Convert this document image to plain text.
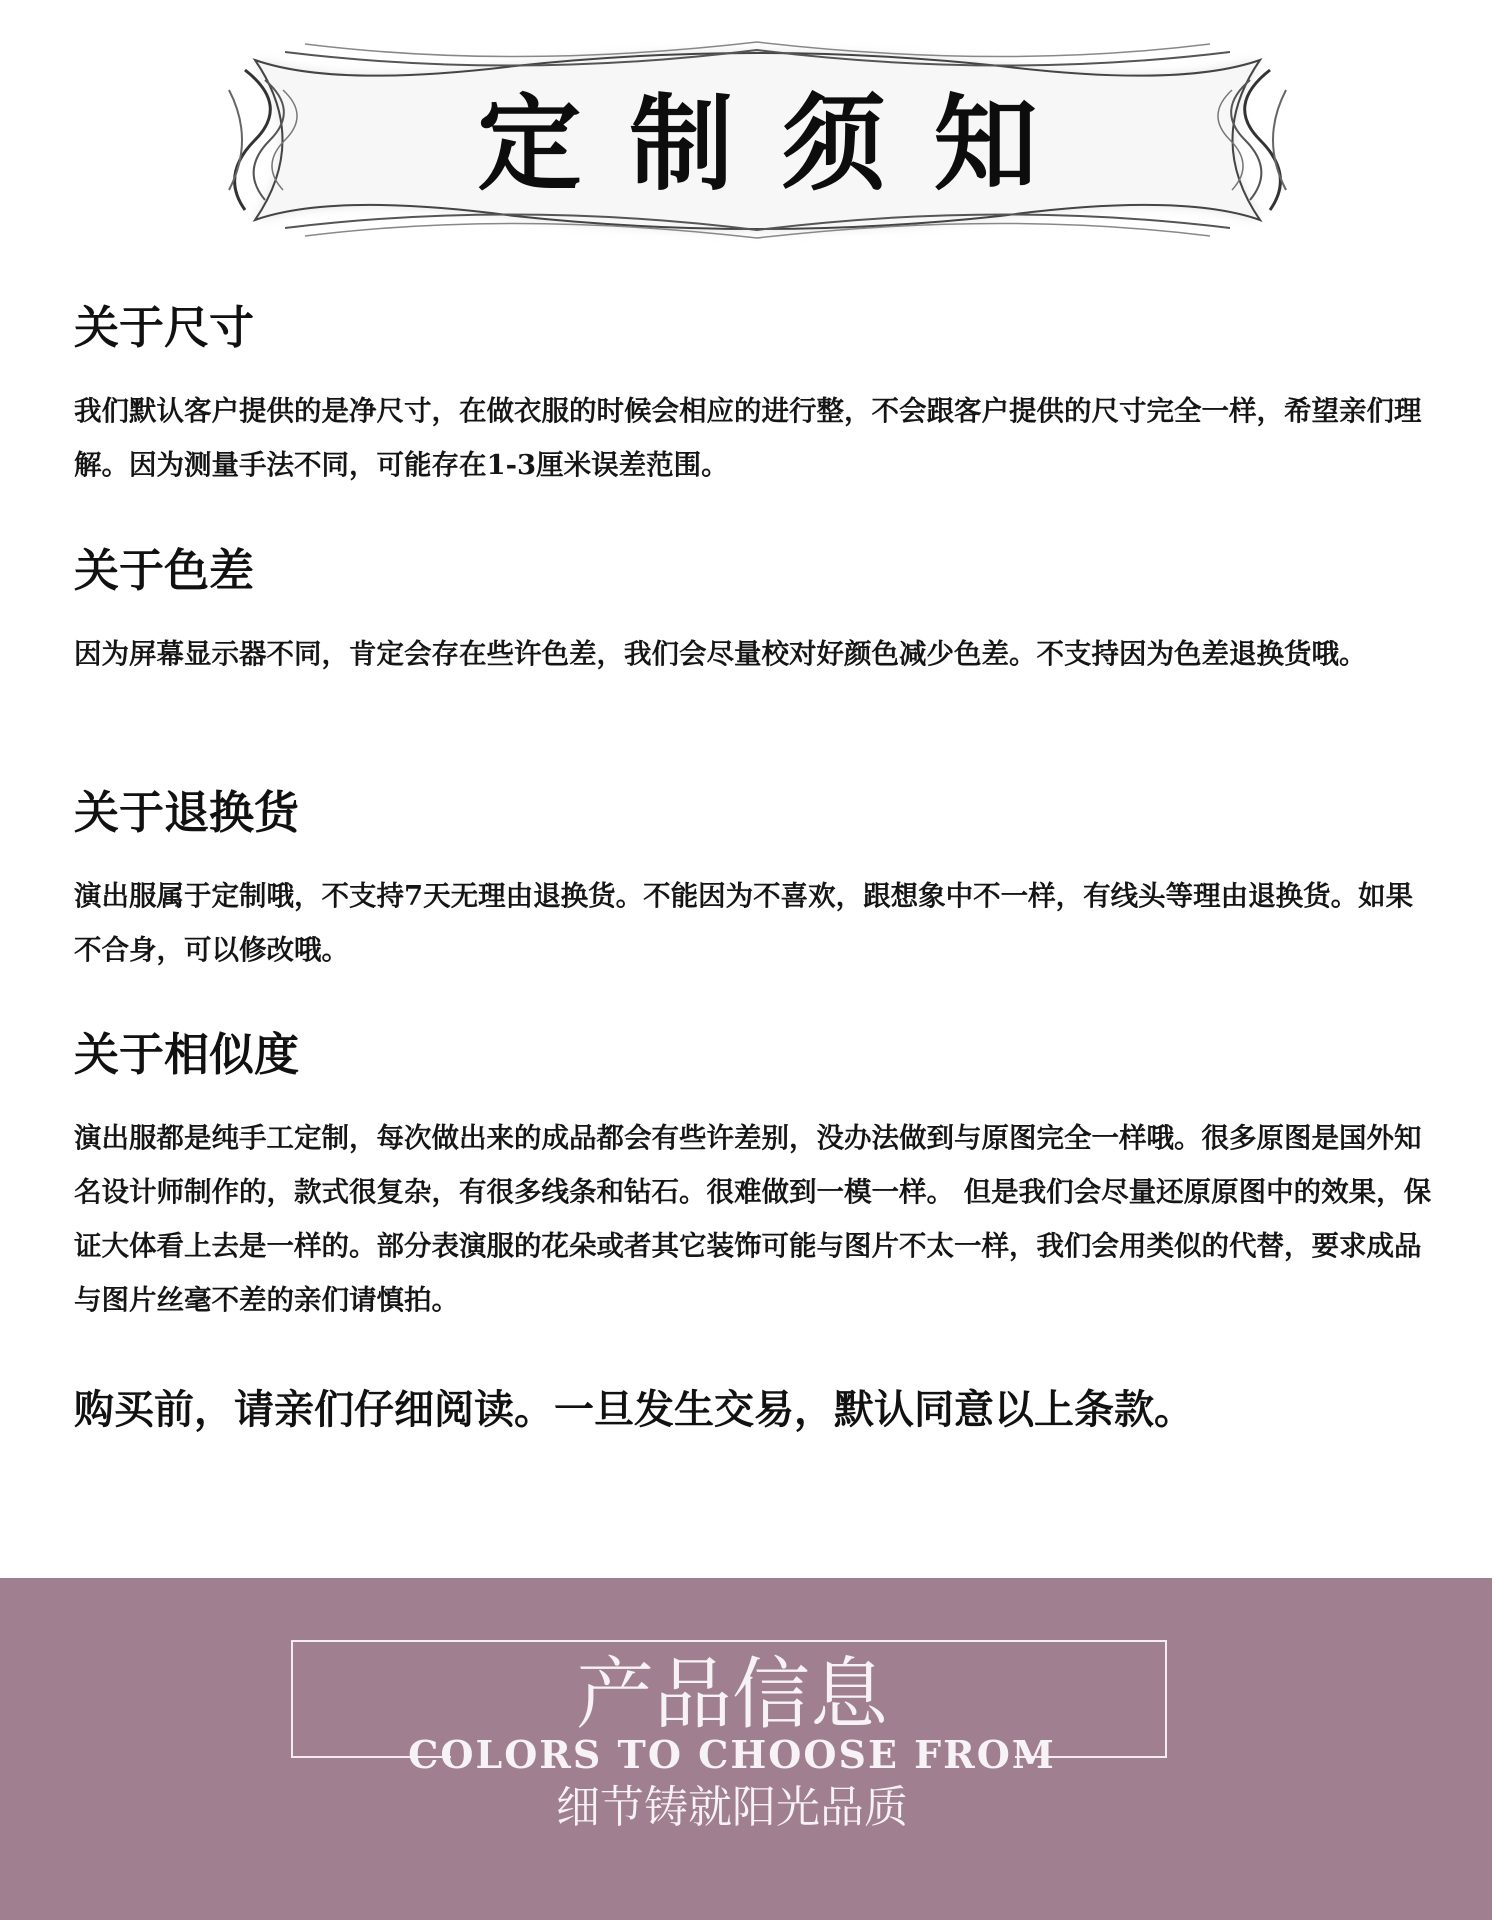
定制须知
关于尺寸

我们默认客户提供的是净尺寸，在做衣服的时候会相应的进行整，不会跟客户提供的尺寸完全一样，希望亲们理解。因为测量手法不同，可能存在1-3厘米误差范围。

关于色差

因为屏幕显示器不同，肯定会存在些许色差，我们会尽量校对好颜色减少色差。不支持因为色差退换货哦。

关于退换货

演出服属于定制哦，不支持7天无理由退换货。不能因为不喜欢，跟想象中不一样，有线头等理由退换货。如果不合身，可以修改哦。

关于相似度

演出服都是纯手工定制，每次做出来的成品都会有些许差别，没办法做到与原图完全一样哦。很多原图是国外知名设计师制作的，款式很复杂，有很多线条和钻石。很难做到一模一样。 但是我们会尽量还原原图中的效果，保证大体看上去是一样的。部分表演服的花朵或者其它装饰可能与图片不太一样，我们会用类似的代替，要求成品与图片丝毫不差的亲们请慎拍。

购买前，请亲们仔细阅读。一旦发生交易，默认同意以上条款。
产品信息
COLORS TO CHOOSE FROM
细节铸就阳光品质
